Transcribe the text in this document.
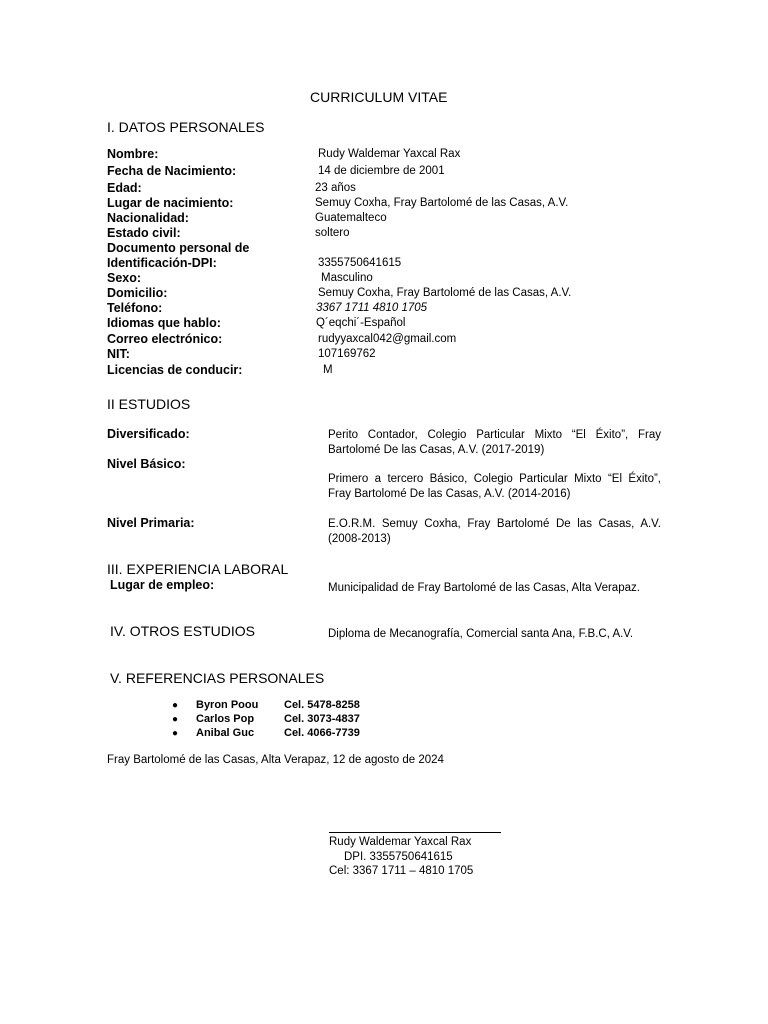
CURRICULUM VITAE
I. DATOS PERSONALES
Nombre:	Rudy Waldemar Yaxcal Rax
Fecha de Nacimiento:	14 de diciembre de 2001
Edad:	23 años
Lugar de nacimiento:	Semuy Coxha, Fray Bartolomé de las Casas, A.V.
Nacionalidad:	Guatemalteco
Estado civil:	soltero
Documento personal de
Identificación-DPI:	3355750641615
Sexo:	Masculino
Domicilio:	Semuy Coxha, Fray Bartolomé de las Casas, A.V.
Teléfono:	3367 1711 4810 1705
Idiomas que hablo:	Q´eqchi´-Español
Correo electrónico:	rudyyaxcal042@gmail.com
NIT:	107169762
Licencias de conducir:	M
II ESTUDIOS
Diversificado:	Perito Contador, Colegio Particular Mixto “El Éxito”, Fray Bartolomé De las Casas, A.V. (2017-2019)
Nivel Básico:
Primero a tercero Básico, Colegio Particular Mixto “El Éxito”, Fray Bartolomé De las Casas, A.V. (2014-2016)
Nivel Primaria:	E.O.R.M. Semuy Coxha, Fray Bartolomé De las Casas, A.V. (2008-2013)
III. EXPERIENCIA LABORAL
Lugar de empleo:	Municipalidad de Fray Bartolomé de las Casas, Alta Verapaz.
IV. OTROS ESTUDIOS	Diploma de Mecanografía, Comercial santa Ana, F.B.C, A.V.
V. REFERENCIAS PERSONALES
● Byron Poou Cel. 5478-8258
● Carlos Pop	Cel. 3073-4837
● Anibal Guc	Cel. 4066-7739
Fray Bartolomé de las Casas, Alta Verapaz, 12 de agosto de 2024
Rudy Waldemar Yaxcal Rax
DPI. 3355750641615
Cel: 3367 1711 – 4810 1705
